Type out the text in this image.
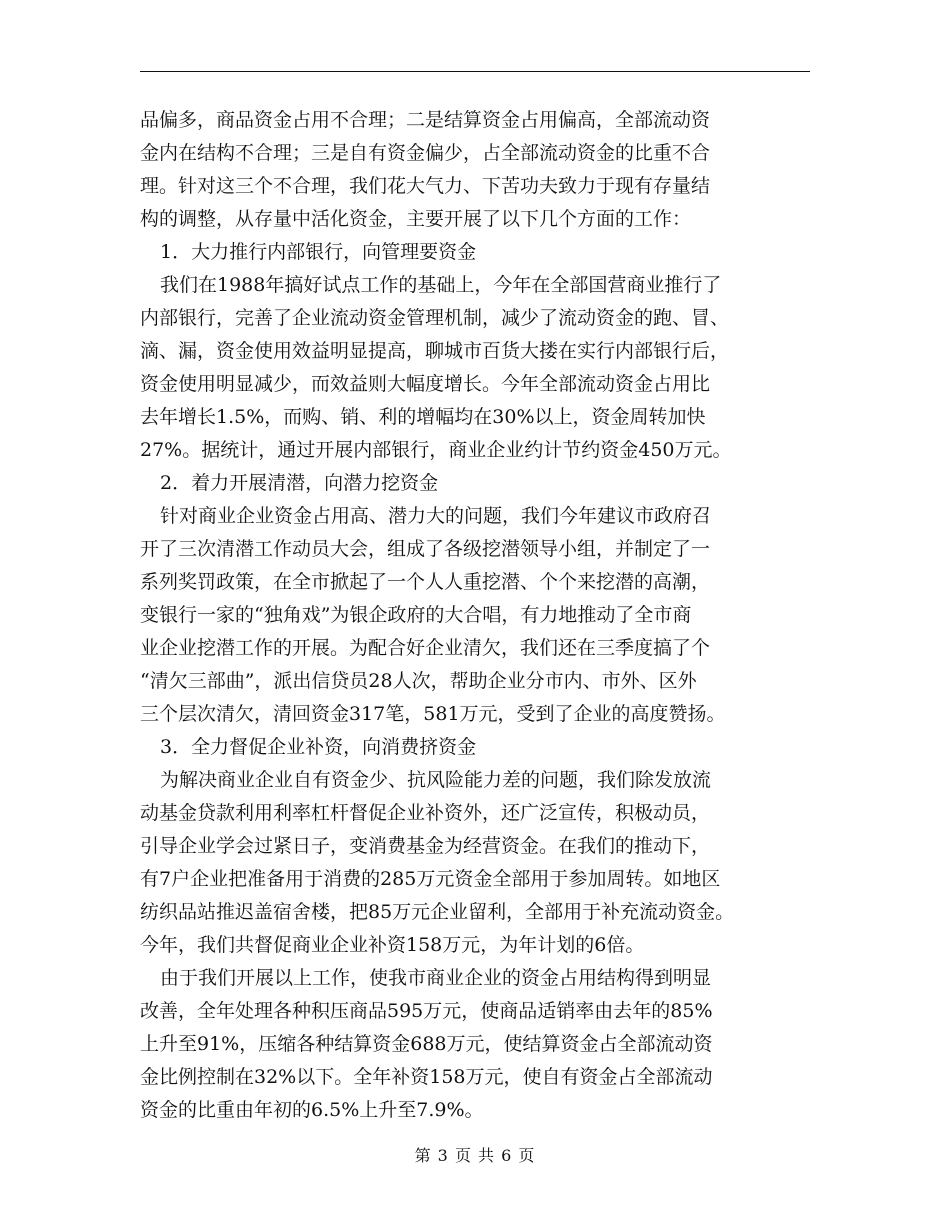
品偏多，商品资金占用不合理；二是结算资金占用偏高，全部流动资
金内在结构不合理；三是自有资金偏少，占全部流动资金的比重不合
理。针对这三个不合理，我们花大气力、下苦功夫致力于现有存量结
构的调整，从存量中活化资金，主要开展了以下几个方面的工作：
1．大力推行内部银行，向管理要资金
我们在1988年搞好试点工作的基础上，今年在全部国营商业推行了
内部银行，完善了企业流动资金管理机制，减少了流动资金的跑、冒、
滴、漏，资金使用效益明显提高，聊城市百货大搂在实行内部银行后，
资金使用明显减少，而效益则大幅度增长。今年全部流动资金占用比
去年增长1.5%，而购、销、利的增幅均在30%以上，资金周转加快
27%。据统计，通过开展内部银行，商业企业约计节约资金450万元。
2．着力开展清潜，向潜力挖资金
针对商业企业资金占用高、潜力大的问题，我们今年建议市政府召
开了三次清潜工作动员大会，组成了各级挖潜领导小组，并制定了一
系列奖罚政策，在全市掀起了一个人人重挖潜、个个来挖潜的高潮，
变银行一家的“独角戏”为银企政府的大合唱，有力地推动了全市商
业企业挖潜工作的开展。为配合好企业清欠，我们还在三季度搞了个
“清欠三部曲”，派出信贷员28人次，帮助企业分市内、市外、区外
三个层次清欠，清回资金317笔，581万元，受到了企业的高度赞扬。
3．全力督促企业补资，向消费挤资金
为解决商业企业自有资金少、抗风险能力差的问题，我们除发放流
动基金贷款利用利率杠杆督促企业补资外，还广泛宣传，积极动员，
引导企业学会过紧日子，变消费基金为经营资金。在我们的推动下，
有7户企业把准备用于消费的285万元资金全部用于参加周转。如地区
纺织品站推迟盖宿舍楼，把85万元企业留利，全部用于补充流动资金。
今年，我们共督促商业企业补资158万元，为年计划的6倍。
由于我们开展以上工作，使我市商业企业的资金占用结构得到明显
改善，全年处理各种积压商品595万元，使商品适销率由去年的85%
上升至91%，压缩各种结算资金688万元，使结算资金占全部流动资
金比例控制在32%以下。全年补资158万元，使自有资金占全部流动
资金的比重由年初的6.5%上升至7.9%。
第 3 页 共 6 页
